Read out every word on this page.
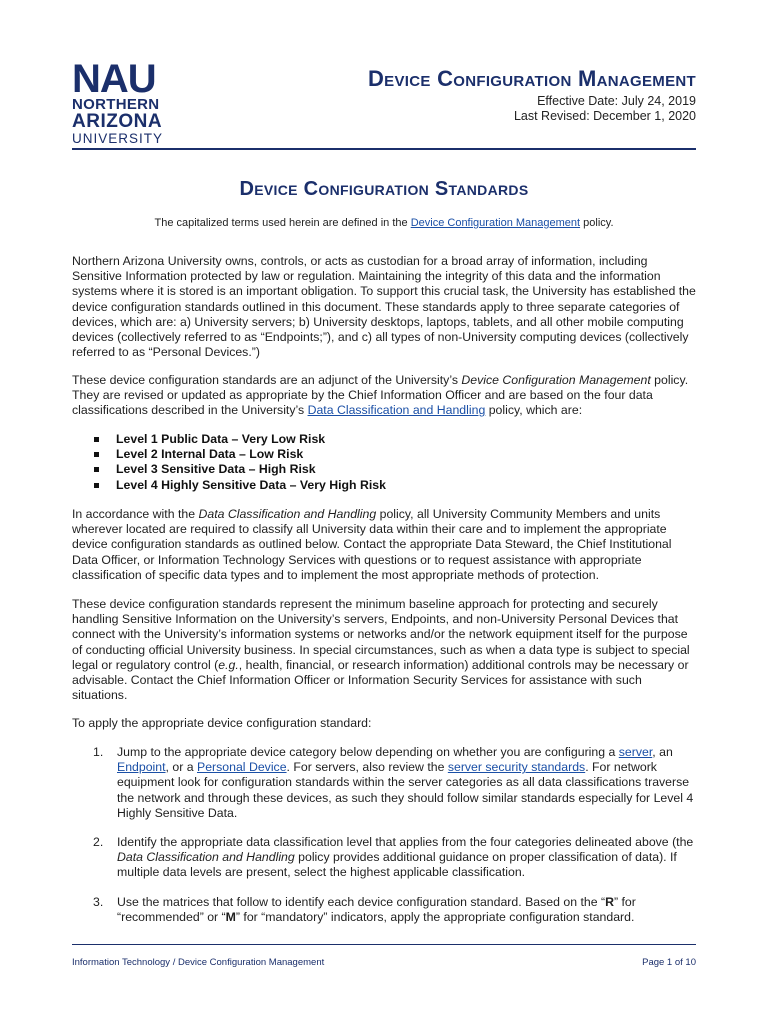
NAU
NORTHERN
ARIZONA
UNIVERSITY
Device Configuration Management
Effective Date: July 24, 2019
Last Revised: December 1, 2020
Device Configuration Standards
The capitalized terms used herein are defined in the Device Configuration Management policy.

Northern Arizona University owns, controls, or acts as custodian for a broad array of information, including Sensitive Information protected by law or regulation. Maintaining the integrity of this data and the information systems where it is stored is an important obligation. To support this crucial task, the University has established the device configuration standards outlined in this document. These standards apply to three separate categories of devices, which are: a) University servers; b) University desktops, laptops, tablets, and all other mobile computing devices (collectively referred to as “Endpoints;”), and c) all types of non-University computing devices (collectively referred to as “Personal Devices.”)

These device configuration standards are an adjunct of the University’s Device Configuration Management policy. They are revised or updated as appropriate by the Chief Information Officer and are based on the four data classifications described in the University’s Data Classification and Handling policy, which are:

Level 1 Public Data – Very Low Risk
Level 2 Internal Data – Low Risk
Level 3 Sensitive Data – High Risk
Level 4 Highly Sensitive Data – Very High Risk

In accordance with the Data Classification and Handling policy, all University Community Members and units wherever located are required to classify all University data within their care and to implement the appropriate device configuration standards as outlined below. Contact the appropriate Data Steward, the Chief Institutional Data Officer, or Information Technology Services with questions or to request assistance with appropriate classification of specific data types and to implement the most appropriate methods of protection.

These device configuration standards represent the minimum baseline approach for protecting and securely handling Sensitive Information on the University’s servers, Endpoints, and non-University Personal Devices that connect with the University’s information systems or networks and/or the network equipment itself for the purpose of conducting official University business. In special circumstances, such as when a data type is subject to special legal or regulatory control (e.g., health, financial, or research information) additional controls may be necessary or advisable. Contact the Chief Information Officer or Information Security Services for assistance with such situations.

To apply the appropriate device configuration standard:

1. Jump to the appropriate device category below depending on whether you are configuring a server, an Endpoint, or a Personal Device. For servers, also review the server security standards. For network equipment look for configuration standards within the server categories as all data classifications traverse the network and through these devices, as such they should follow similar standards especially for Level 4 Highly Sensitive Data.
2. Identify the appropriate data classification level that applies from the four categories delineated above (the Data Classification and Handling policy provides additional guidance on proper classification of data). If multiple data levels are present, select the highest applicable classification.
3. Use the matrices that follow to identify each device configuration standard. Based on the “R” for “recommended” or “M” for “mandatory” indicators, apply the appropriate configuration standard.
Information Technology / Device Configuration Management	Page 1 of 10
